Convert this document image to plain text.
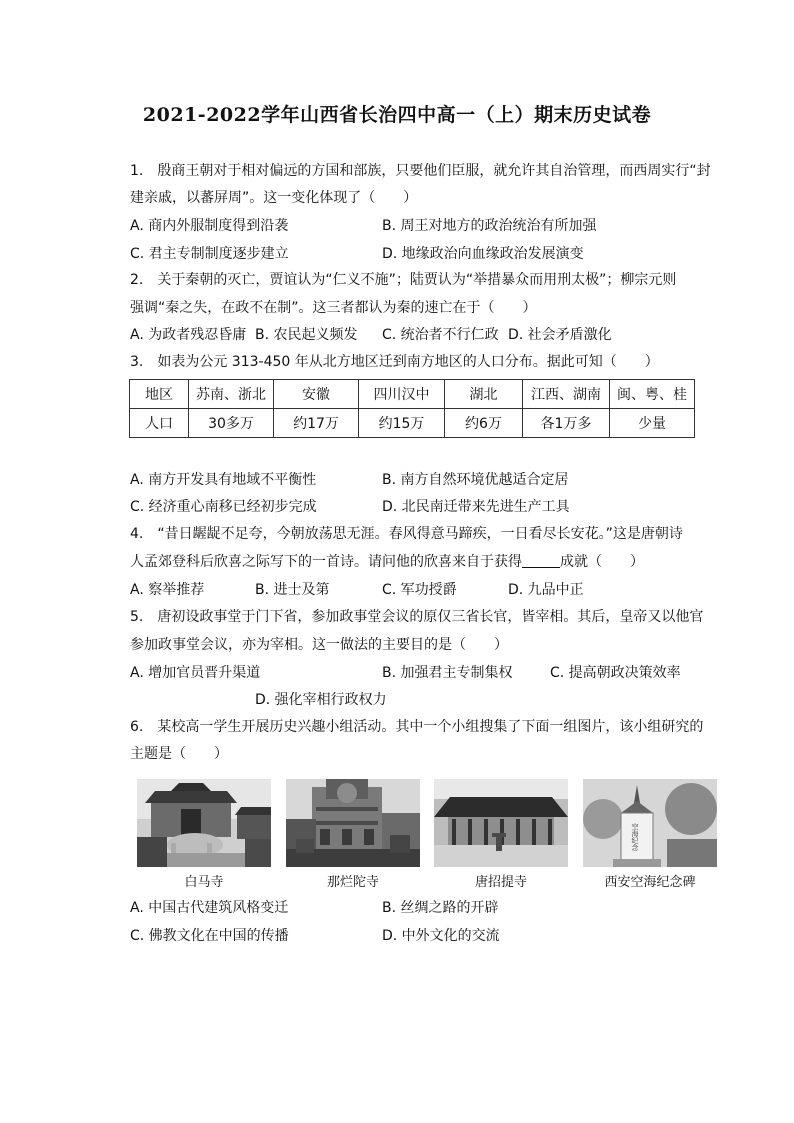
2021-2022学年山西省长治四中高一（上）期末历史试卷
1.　殷商王朝对于相对偏远的方国和部族，只要他们臣服，就允许其自治管理，而西周实行“封
建亲戚，以蕃屏周”。这一变化体现了（　　）
A. 商内外服制度得到沿袭	B. 周王对地方的政治统治有所加强
C. 君主专制制度逐步建立	D. 地缘政治向血缘政治发展演变
2.　关于秦朝的灭亡，贾谊认为“仁义不施”；陆贾认为“举措暴众而用刑太极”；柳宗元则
强调“秦之失，在政不在制”。这三者都认为秦的速亡在于（　　）
A. 为政者残忍昏庸 B. 农民起义频发 C. 统治者不行仁政 D. 社会矛盾激化
3.　如表为公元 313-450 年从北方地区迁到南方地区的人口分布。据此可知（　　）
地区	苏南、浙北	安徽	四川汉中	湖北	江西、湖南	闽、粤、桂
人口	30多万	约17万	约15万	约6万	各1万多	少量
A. 南方开发具有地域不平衡性	B. 南方自然环境优越适合定居
C. 经济重心南移已经初步完成	D. 北民南迁带来先进生产工具
4.　“昔日龌龊不足夸，今朝放荡思无涯。春风得意马蹄疾，一日看尽长安花。”这是唐朝诗
人孟郊登科后欣喜之际写下的一首诗。请问他的欣喜来自于获得	成就（　　）
A. 察举推荐	B. 进士及第	C. 军功授爵	D. 九品中正
5.　唐初设政事堂于门下省，参加政事堂会议的原仅三省长官，皆宰相。其后，皇帝又以他官
参加政事堂会议，亦为宰相。这一做法的主要目的是（　　）
A. 增加官员晋升渠道	B. 加强君主专制集权	C. 提高朝政决策效率
D. 强化宰相行政权力
6.　某校高一学生开展历史兴趣小组活动。其中一个小组搜集了下面一组图片，该小组研究的
主题是（　　）
白马寺	那烂陀寺	唐招提寺
空海纪念
西安空海纪念碑
A. 中国古代建筑风格变迁	B. 丝绸之路的开辟
C. 佛教文化在中国的传播	D. 中外文化的交流
